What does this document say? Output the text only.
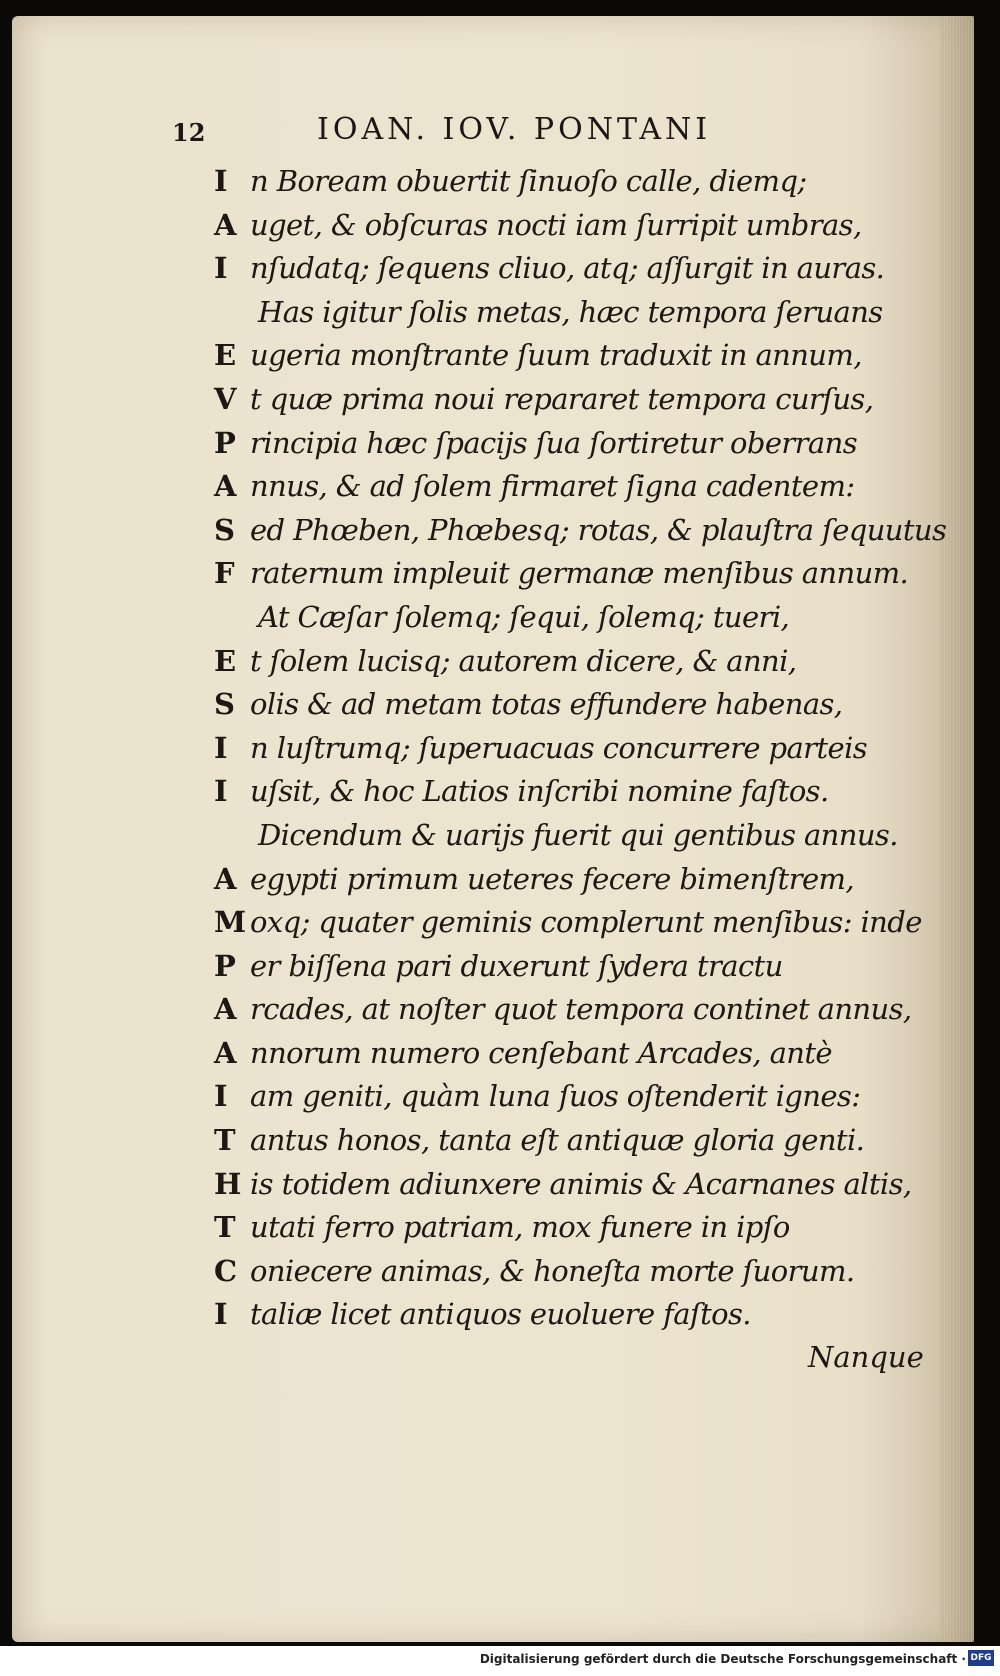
12	IOAN. IOV. PONTANI
I n Boream obuertit ſinuoſo calle, diemq;
A uget, & obſcuras nocti iam ſurripit umbras,
I nſudatq; ſequens cliuo, atq; aſſurgit in auras.
Has igitur ſolis metas, hæc tempora ſeruans
E ugeria monſtrante ſuum traduxit in annum,
V t quæ prima noui repararet tempora curſus,
P rincipia hæc ſpacijs ſua ſortiretur oberrans
A nnus, & ad ſolem firmaret ſigna cadentem:
S ed Phœben, Phœbesq; rotas, & plauſtra ſequutus
F raternum impleuit germanæ menſibus annum.
At Cæſar ſolemq; ſequi, ſolemq; tueri,
E t ſolem lucisq; autorem dicere, & anni,
S olis & ad metam totas effundere habenas,
I n luſtrumq; ſuperuacuas concurrere parteis
I uſsit, & hoc Latios inſcribi nomine faſtos.
Dicendum & uarijs fuerit qui gentibus annus.
A egypti primum ueteres fecere bimenſtrem,
M oxq; quater geminis complerunt menſibus: inde
P er biſſena pari duxerunt ſydera tractu
A rcades, at noſter quot tempora continet annus,
A nnorum numero cenſebant Arcades, antè
I am geniti, quàm luna ſuos oſtenderit ignes:
T antus honos, tanta eſt antiquæ gloria genti.
H is totidem adiunxere animis & Acarnanes altis,
T utati ferro patriam, mox funere in ipſo
C oniecere animas, & honeſta morte ſuorum.
I taliæ licet antiquos euoluere faſtos.
Nanque
Digitalisierung gefördert durch die Deutsche Forschungsgemeinschaft · DFG
